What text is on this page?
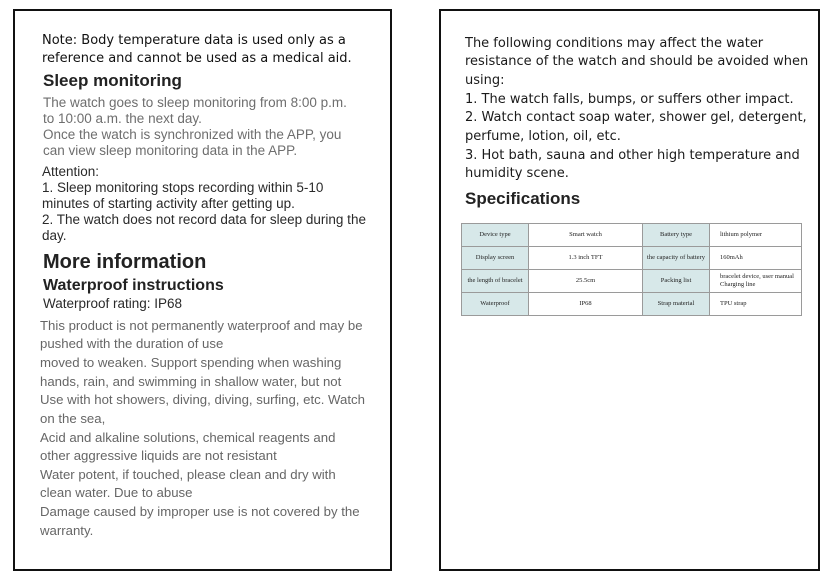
Note: Body temperature data is used only as a
reference and cannot be used as a medical aid.
Sleep monitoring
The watch goes to sleep monitoring from 8:00 p.m.
to 10:00 a.m. the next day.
Once the watch is synchronized with the APP, you
can view sleep monitoring data in the APP.
Attention:
1. Sleep monitoring stops recording within 5-10
minutes of starting activity after getting up.
2. The watch does not record data for sleep during the
day.
More information
Waterproof instructions
Waterproof rating: IP68
This product is not permanently waterproof and may be
pushed with the duration of use
moved to weaken. Support spending when washing
hands, rain, and swimming in shallow water, but not
Use with hot showers, diving, diving, surfing, etc. Watch
on the sea,
Acid and alkaline solutions, chemical reagents and
other aggressive liquids are not resistant
Water potent, if touched, please clean and dry with
clean water. Due to abuse
Damage caused by improper use is not covered by the
warranty.
The following conditions may affect the water
resistance of the watch and should be avoided when
using:
1. The watch falls, bumps, or suffers other impact.
2. Watch contact soap water, shower gel, detergent,
perfume, lotion, oil, etc.
3. Hot bath, sauna and other high temperature and
humidity scene.
Specifications
Device type	Smart watch	Battery type	lithium polymer
Display screen	1.3 inch TFT	the capacity of battery	160mAh
the length of bracelet	25.5cm	Packing list	bracelet device, user manual Charging line
Waterproof	IP68	Strap material	TPU strap
